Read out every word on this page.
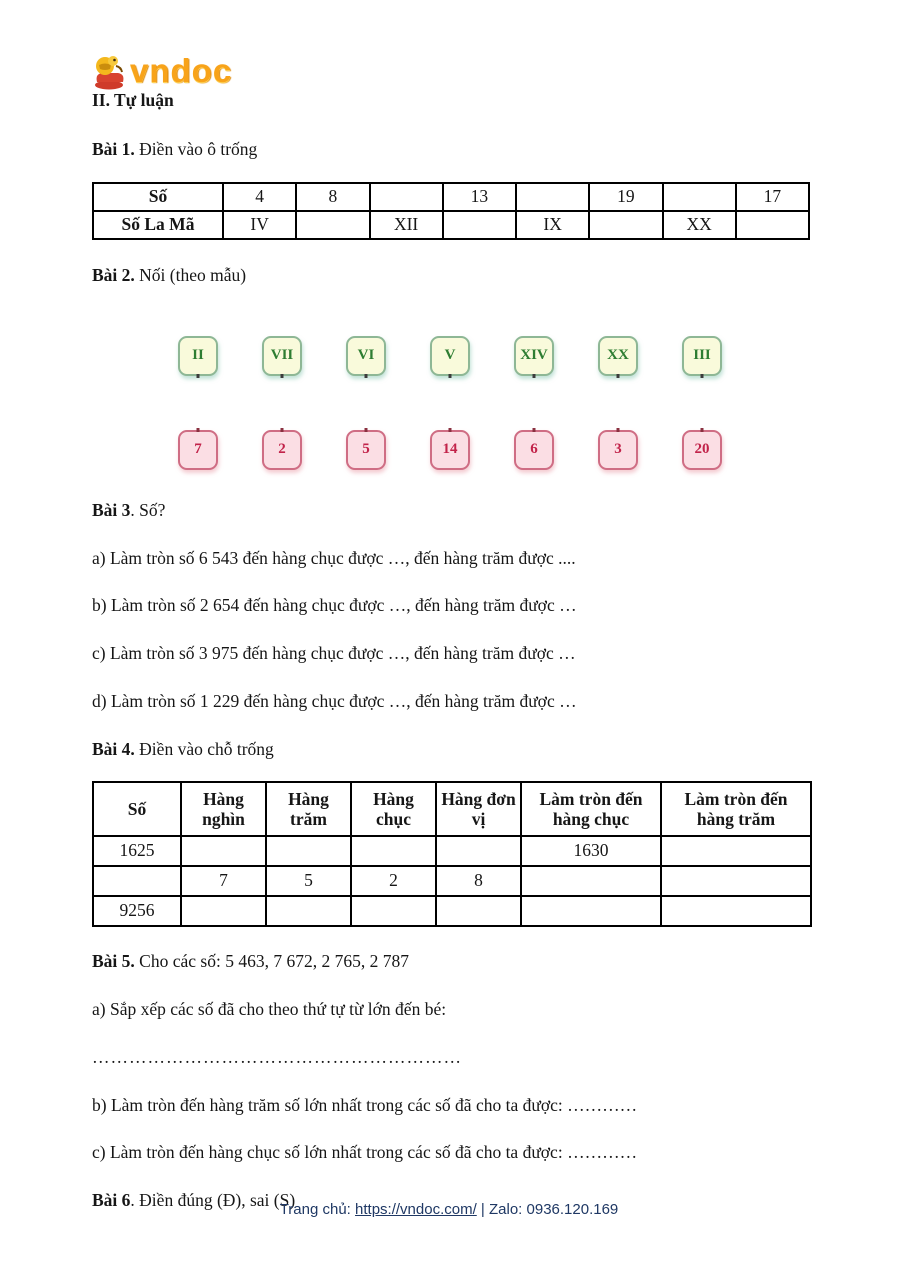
vndoc

II. Tự luận

Bài 1. Điền vào ô trống

Số	4	8		13		19		17
Số La Mã	IV		XII		IX		XX	

Bài 2. Nối (theo mẫu)

II	VII	VI	V	XIV	XX	III
7	2	5	14	6	3	20

Bài 3. Số?

a) Làm tròn số 6 543 đến hàng chục được …, đến hàng trăm được ....

b) Làm tròn số 2 654 đến hàng chục được …, đến hàng trăm được …

c) Làm tròn số 3 975 đến hàng chục được …, đến hàng trăm được …

d) Làm tròn số 1 229 đến hàng chục được …, đến hàng trăm được …

Bài 4. Điền vào chỗ trống

Số	Hàng nghìn	Hàng trăm	Hàng chục	Hàng đơn vị	Làm tròn đến hàng chục	Làm tròn đến hàng trăm
1625					1630	
	7	5	2	8		
9256						

Bài 5. Cho các số: 5 463, 7 672, 2 765, 2 787

a) Sắp xếp các số đã cho theo thứ tự từ lớn đến bé:

……………………………………………………

b) Làm tròn đến hàng trăm số lớn nhất trong các số đã cho ta được: …………

c) Làm tròn đến hàng chục số lớn nhất trong các số đã cho ta được: …………

Bài 6. Điền đúng (Đ), sai (S)

Trang chủ: https://vndoc.com/ | Zalo: 0936.120.169
